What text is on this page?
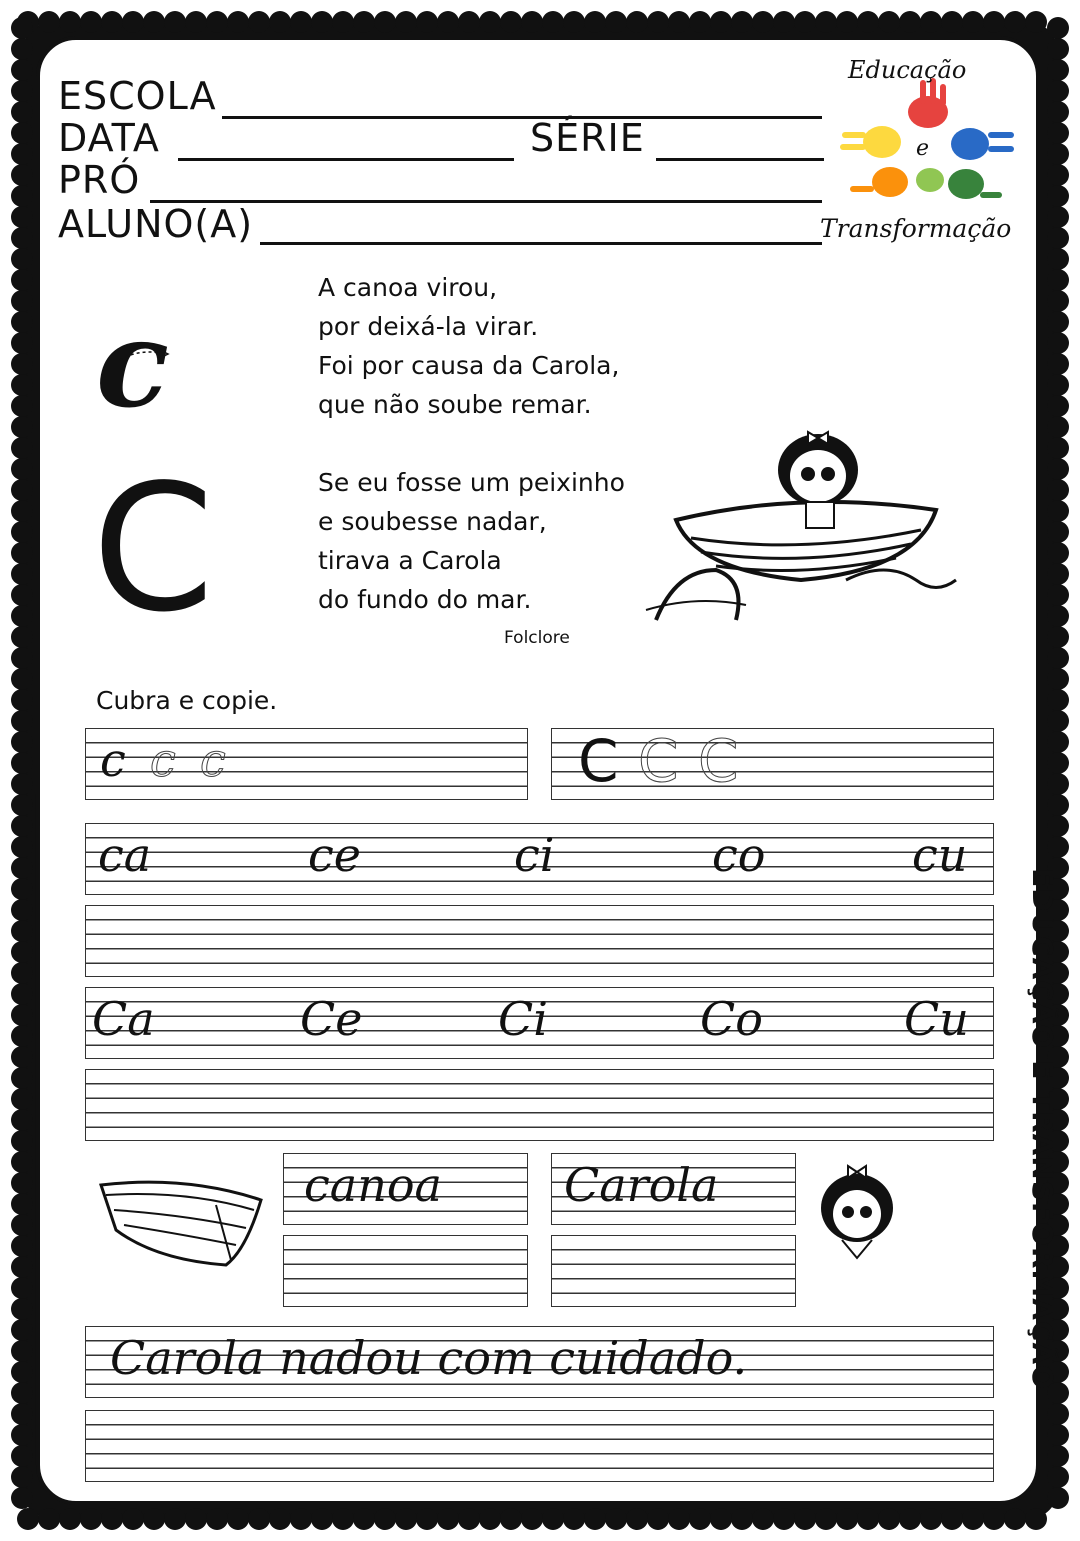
ESCOLA
DATA	SÉRIE
PRÓ
ALUNO(A)
Educação
e
Transformação
c
C
A canoa virou,
por deixá-la virar.
Foi por causa da Carola,
que não soube remar.
Se eu fosse um peixinho
e soubesse nadar,
tirava a Carola
do fundo do mar.
Folclore
Cubra e copie.
c c c	C C C
ca	ce	ci	co	cu
Ca	Ce	Ci	Co	Cu
canoa	Carola
Carola nadou com cuidado.	EDUCAÇÃO E TRANSFORMAÇÃO
